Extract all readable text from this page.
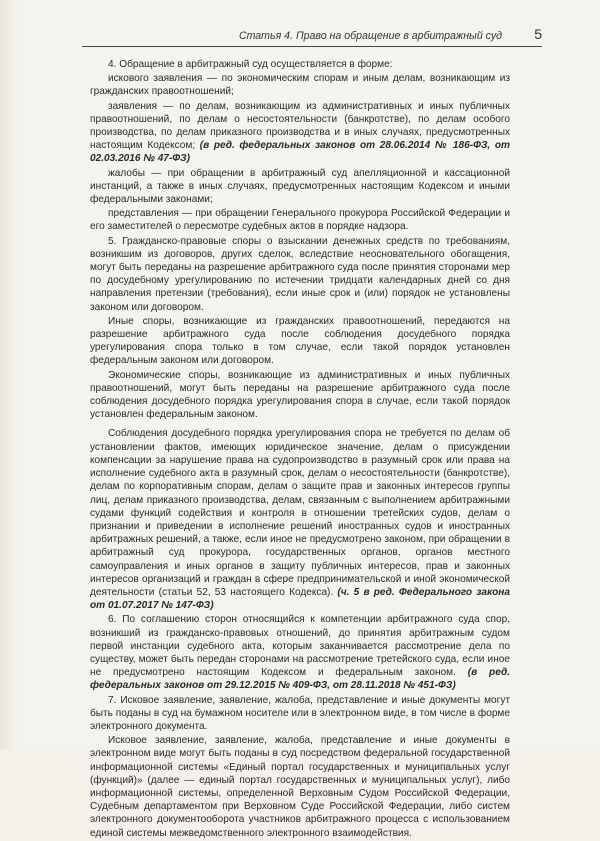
Статья 4. Право на обращение в арбитражный суд 5

4. Обращение в арбитражный суд осуществляется в форме:

искового заявления — по экономическим спорам и иным делам, возникающим из гражданских правоотношений;

заявления — по делам, возникающим из административных и иных публичных правоотношений, по делам о несостоятельности (банкротстве), по делам особого производства, по делам приказного производства и в иных случаях, предусмотренных настоящим Кодексом; (в ред. федеральных законов от 28.06.2014 № 186-ФЗ, от 02.03.2016 № 47-ФЗ)

жалобы — при обращении в арбитражный суд апелляционной и кассационной инстанций, а также в иных случаях, предусмотренных настоящим Кодексом и иными федеральными законами;

представления — при обращении Генерального прокурора Российской Федерации и его заместителей о пересмотре судебных актов в порядке надзора.

5. Гражданско-правовые споры о взыскании денежных средств по требованиям, возникшим из договоров, других сделок, вследствие неосновательного обогащения, могут быть переданы на разрешение арбитражного суда после принятия сторонами мер по досудебному урегулированию по истечении тридцати календарных дней со дня направления претензии (требования), если иные срок и (или) порядок не установлены законом или договором.

Иные споры, возникающие из гражданских правоотношений, передаются на разрешение арбитражного суда после соблюдения досудебного порядка урегулирования спора только в том случае, если такой порядок установлен федеральным законом или договором.

Экономические споры, возникающие из административных и иных публичных правоотношений, могут быть переданы на разрешение арбитражного суда после соблюдения досудебного порядка урегулирования спора в случае, если такой порядок установлен федеральным законом.

Соблюдения досудебного порядка урегулирования спора не требуется по делам об установлении фактов, имеющих юридическое значение, делам о присуждении компенсации за нарушение права на судопроизводство в разумный срок или права на исполнение судебного акта в разумный срок, делам о несостоятельности (банкротстве), делам по корпоративным спорам, делам о защите прав и законных интересов группы лиц, делам приказного производства, делам, связанным с выполнением арбитражными судами функций содействия и контроля в отношении третейских судов, делам о признании и приведении в исполнение решений иностранных судов и иностранных арбитражных решений, а также, если иное не предусмотрено законом, при обращении в арбитражный суд прокурора, государственных органов, органов местного самоуправления и иных органов в защиту публичных интересов, прав и законных интересов организаций и граждан в сфере предпринимательской и иной экономической деятельности (статьи 52, 53 настоящего Кодекса). (ч. 5 в ред. Федерального закона от 01.07.2017 № 147-ФЗ)

6. По соглашению сторон относящийся к компетенции арбитражного суда спор, возникший из гражданско-правовых отношений, до принятия арбитражным судом первой инстанции судебного акта, которым заканчивается рассмотрение дела по существу, может быть передан сторонами на рассмотрение третейского суда, если иное не предусмотрено настоящим Кодексом и федеральным законом. (в ред. федеральных законов от 29.12.2015 № 409-ФЗ, от 28.11.2018 № 451-ФЗ)

7. Исковое заявление, заявление, жалоба, представление и иные документы могут быть поданы в суд на бумажном носителе или в электронном виде, в том числе в форме электронного документа.

Исковое заявление, заявление, жалоба, представление и иные документы в электронном виде могут быть поданы в суд посредством федеральной государственной информационной системы «Единый портал государственных и муниципальных услуг (функций)» (далее — единый портал государственных и муниципальных услуг), либо информационной системы, определенной Верховным Судом Российской Федерации, Судебным департаментом при Верховном Суде Российской Федерации, либо систем электронного документооборота участников арбитражного процесса с использованием единой системы межведомственного электронного взаимодействия.
